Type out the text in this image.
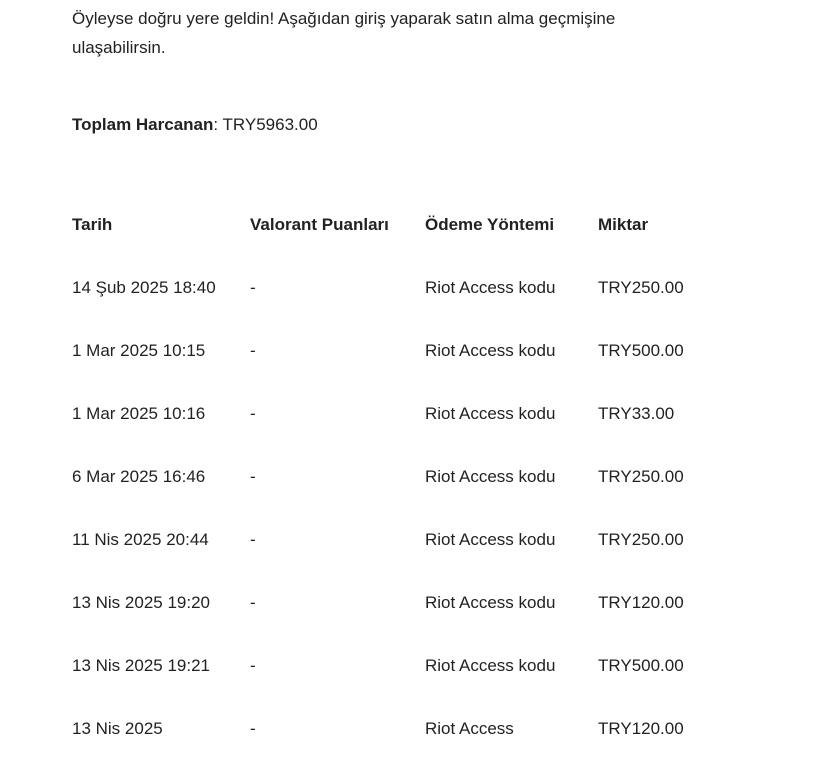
Öyleyse doğru yere geldin! Aşağıdan giriş yaparak satın alma geçmişine ulaşabilirsin.

Toplam Harcanan: TRY5963.00

Tarih	Valorant Puanları	Ödeme Yöntemi	Miktar
14 Şub 2025 18:40	-	Riot Access kodu	TRY250.00
1 Mar 2025 10:15	-	Riot Access kodu	TRY500.00
1 Mar 2025 10:16	-	Riot Access kodu	TRY33.00
6 Mar 2025 16:46	-	Riot Access kodu	TRY250.00
11 Nis 2025 20:44	-	Riot Access kodu	TRY250.00
13 Nis 2025 19:20	-	Riot Access kodu	TRY120.00
13 Nis 2025 19:21	-	Riot Access kodu	TRY500.00
13 Nis 2025	-	Riot Access	TRY120.00
